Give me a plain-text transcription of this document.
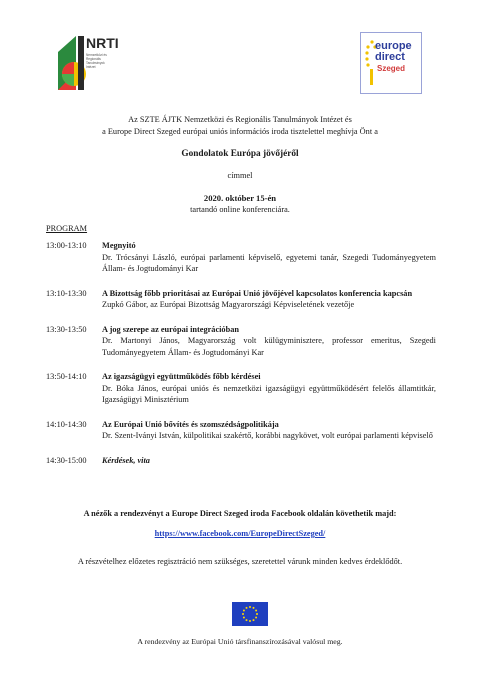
NRTI
Nemzetközi és
Regionális
Tanulmányok
Intézet
europe
direct
Szeged
Az SZTE ÁJTK Nemzetközi és Regionális Tanulmányok Intézet és
a Europe Direct Szeged európai uniós információs iroda tisztelettel meghívja Önt a
Gondolatok Európa jövőjéről
címmel
2020. október 15-én
tartandó online konferenciára.
PROGRAM
13:00-13:10	Megnyitó
Dr. Trócsányi László, európai parlamenti képviselő, egyetemi tanár, Szegedi Tudományegyetem Állam- és Jogtudományi Kar
13:10-13:30	A Bizottság főbb prioritásai az Európai Unió jövőjével kapcsolatos konferencia kapcsán
Zupkó Gábor, az Európai Bizottság Magyarországi Képviseletének vezetője
13:30-13:50	A jog szerepe az európai integrációban
Dr. Martonyi János, Magyarország volt külügyminisztere, professor emeritus, Szegedi Tudományegyetem Állam- és Jogtudományi Kar
13:50-14:10	Az igazságügyi együttműködés főbb kérdései
Dr. Bóka János, európai uniós és nemzetközi igazságügyi együttműködésért felelős államtitkár, Igazságügyi Minisztérium
14:10-14:30	Az Európai Unió bővítés és szomszédságpolitikája
Dr. Szent-Iványi István, külpolitikai szakértő, korábbi nagykövet, volt európai parlamenti képviselő
14:30-15:00	Kérdések, vita
A nézők a rendezvényt a Europe Direct Szeged iroda Facebook oldalán követhetik majd:
https://www.facebook.com/EuropeDirectSzeged/
A részvételhez előzetes regisztráció nem szükséges, szeretettel várunk minden kedves érdeklődőt.
A rendezvény az Európai Unió társfinanszírozásával valósul meg.
